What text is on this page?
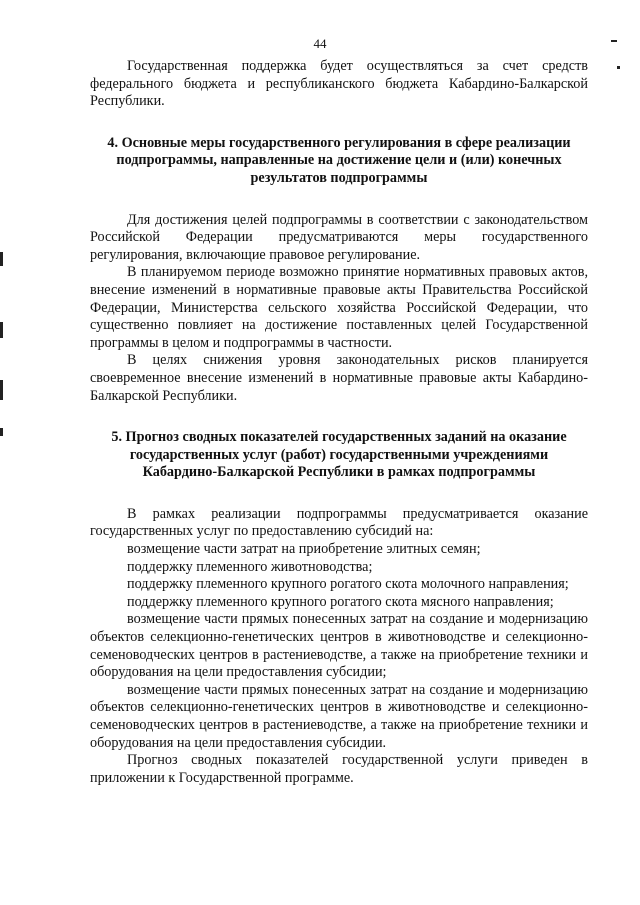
44

Государственная поддержка будет осуществляться за счет средств федерального бюджета и республиканского бюджета Кабардино-Балкарской Республики.

4. Основные меры государственного регулирования в сфере реализации подпрограммы, направленные на достижение цели и (или) конечных результатов подпрограммы

Для достижения целей подпрограммы в соответствии с законодательством Российской Федерации предусматриваются меры государственного регулирования, включающие правовое регулирование.

В планируемом периоде возможно принятие нормативных правовых актов, внесение изменений в нормативные правовые акты Правительства Российской Федерации, Министерства сельского хозяйства Российской Федерации, что существенно повлияет на достижение поставленных целей Государственной программы в целом и подпрограммы в частности.

В целях снижения уровня законодательных рисков планируется своевременное внесение изменений в нормативные правовые акты Кабардино-Балкарской Республики.

5. Прогноз сводных показателей государственных заданий на оказание государственных услуг (работ) государственными учреждениями Кабардино-Балкарской Республики в рамках подпрограммы

В рамках реализации подпрограммы предусматривается оказание государственных услуг по предоставлению субсидий на:

возмещение части затрат на приобретение элитных семян;

поддержку племенного животноводства;

поддержку племенного крупного рогатого скота молочного направления;

поддержку племенного крупного рогатого скота мясного направления;

возмещение части прямых понесенных затрат на создание и модернизацию объектов селекционно-генетических центров в животноводстве и селекционно-семеноводческих центров в растениеводстве, а также на приобретение техники и оборудования на цели предоставления субсидии;

возмещение части прямых понесенных затрат на создание и модернизацию объектов селекционно-генетических центров в животноводстве и селекционно-семеноводческих центров в растениеводстве, а также на приобретение техники и оборудования на цели предоставления субсидии.

Прогноз сводных показателей государственной услуги приведен в приложении к Государственной программе.
